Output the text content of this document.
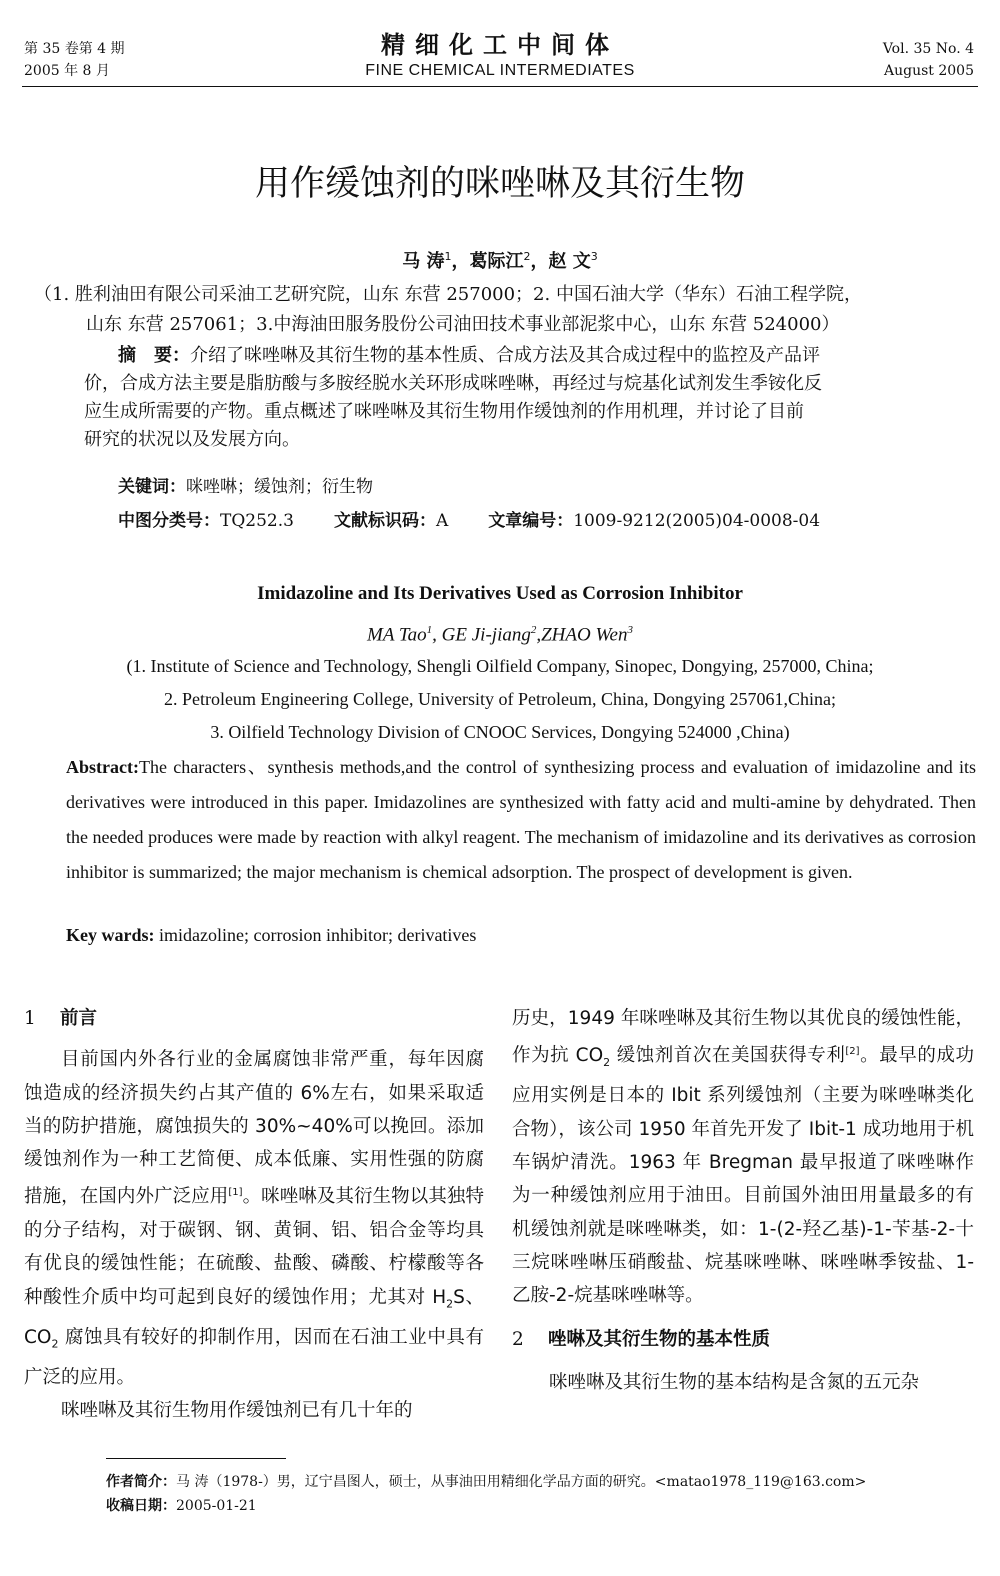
第 35 卷第 4 期
2005 年 8 月
精细化工中间体
FINE CHEMICAL INTERMEDIATES
Vol. 35 No. 4
August 2005
用作缓蚀剂的咪唑啉及其衍生物
马 涛$^1$，葛际江$^2$，赵 文$^3$

（1. 胜利油田有限公司采油工艺研究院，山东 东营 257000；2. 中国石油大学（华东）石油工程学院，

山东 东营 257061；3.中海油田服务股份公司油田技术事业部泥浆中心，山东 东营 524000）

摘　要：介绍了咪唑啉及其衍生物的基本性质、合成方法及其合成过程中的监控及产品评
价，合成方法主要是脂肪酸与多胺经脱水关环形成咪唑啉，再经过与烷基化试剂发生季铵化反
应生成所需要的产物。重点概述了咪唑啉及其衍生物用作缓蚀剂的作用机理，并讨论了目前
研究的状况以及发展方向。
关键词：咪唑啉；缓蚀剂；衍生物
中图分类号：TQ252.3 文献标识码：A 文章编号：1009-9212(2005)04-0008-04
Imidazoline and Its Derivatives Used as Corrosion Inhibitor
MA Tao$^1$, GE Ji-jiang$^2$,ZHAO Wen$^3$

(1. Institute of Science and Technology, Shengli Oilfield Company, Sinopec, Dongying, 257000, China;

2. Petroleum Engineering College, University of Petroleum, China, Dongying 257061,China;

3. Oilfield Technology Division of CNOOC Services, Dongying 524000 ,China)

Abstract:The characters、synthesis methods,and the control of synthesizing process and evaluation of imidazoline and its derivatives were introduced in this paper. Imidazolines are synthesized with fatty acid and multi-amine by dehydrated. Then the needed produces were made by reaction with alkyl reagent. The mechanism of imidazoline and its derivatives as corrosion inhibitor is summarized; the major mechanism is chemical adsorption. The prospect of development is given.
Key wards: imidazoline; corrosion inhibitor; derivatives

1 前言

目前国内外各行业的金属腐蚀非常严重，每年因腐蚀造成的经济损失约占其产值的 6%左右，如果采取适当的防护措施，腐蚀损失的 30%~40%可以挽回。添加缓蚀剂作为一种工艺简便、成本低廉、实用性强的防腐措施，在国内外广泛应用[1]。咪唑啉及其衍生物以其独特的分子结构，对于碳钢、钢、黄铜、铝、铝合金等均具有优良的缓蚀性能；在硫酸、盐酸、磷酸、柠檬酸等各种酸性介质中均可起到良好的缓蚀作用；尤其对 $H_2S$、$CO_2$ 腐蚀具有较好的抑制作用，因而在石油工业中具有广泛的应用。

咪唑啉及其衍生物用作缓蚀剂已有几十年的

历史，1949 年咪唑啉及其衍生物以其优良的缓蚀性能，作为抗 $CO_2$ 缓蚀剂首次在美国获得专利[2]。最早的成功应用实例是日本的 Ibit 系列缓蚀剂（主要为咪唑啉类化合物），该公司 1950 年首先开发了 Ibit-1 成功地用于机车锅炉清洗。1963 年 Bregman 最早报道了咪唑啉作为一种缓蚀剂应用于油田。目前国外油田用量最多的有机缓蚀剂就是咪唑啉类，如：1-(2-羟乙基)-1-苄基-2-十三烷咪唑啉压硝酸盐、烷基咪唑啉、咪唑啉季铵盐、1-乙胺-2-烷基咪唑啉等。

2 唑啉及其衍生物的基本性质

咪唑啉及其衍生物的基本结构是含氮的五元杂

作者简介：马 涛（1978-）男，辽宁昌图人，硕士，从事油田用精细化学品方面的研究。<matao1978_119@163.com>
收稿日期：2005-01-21
